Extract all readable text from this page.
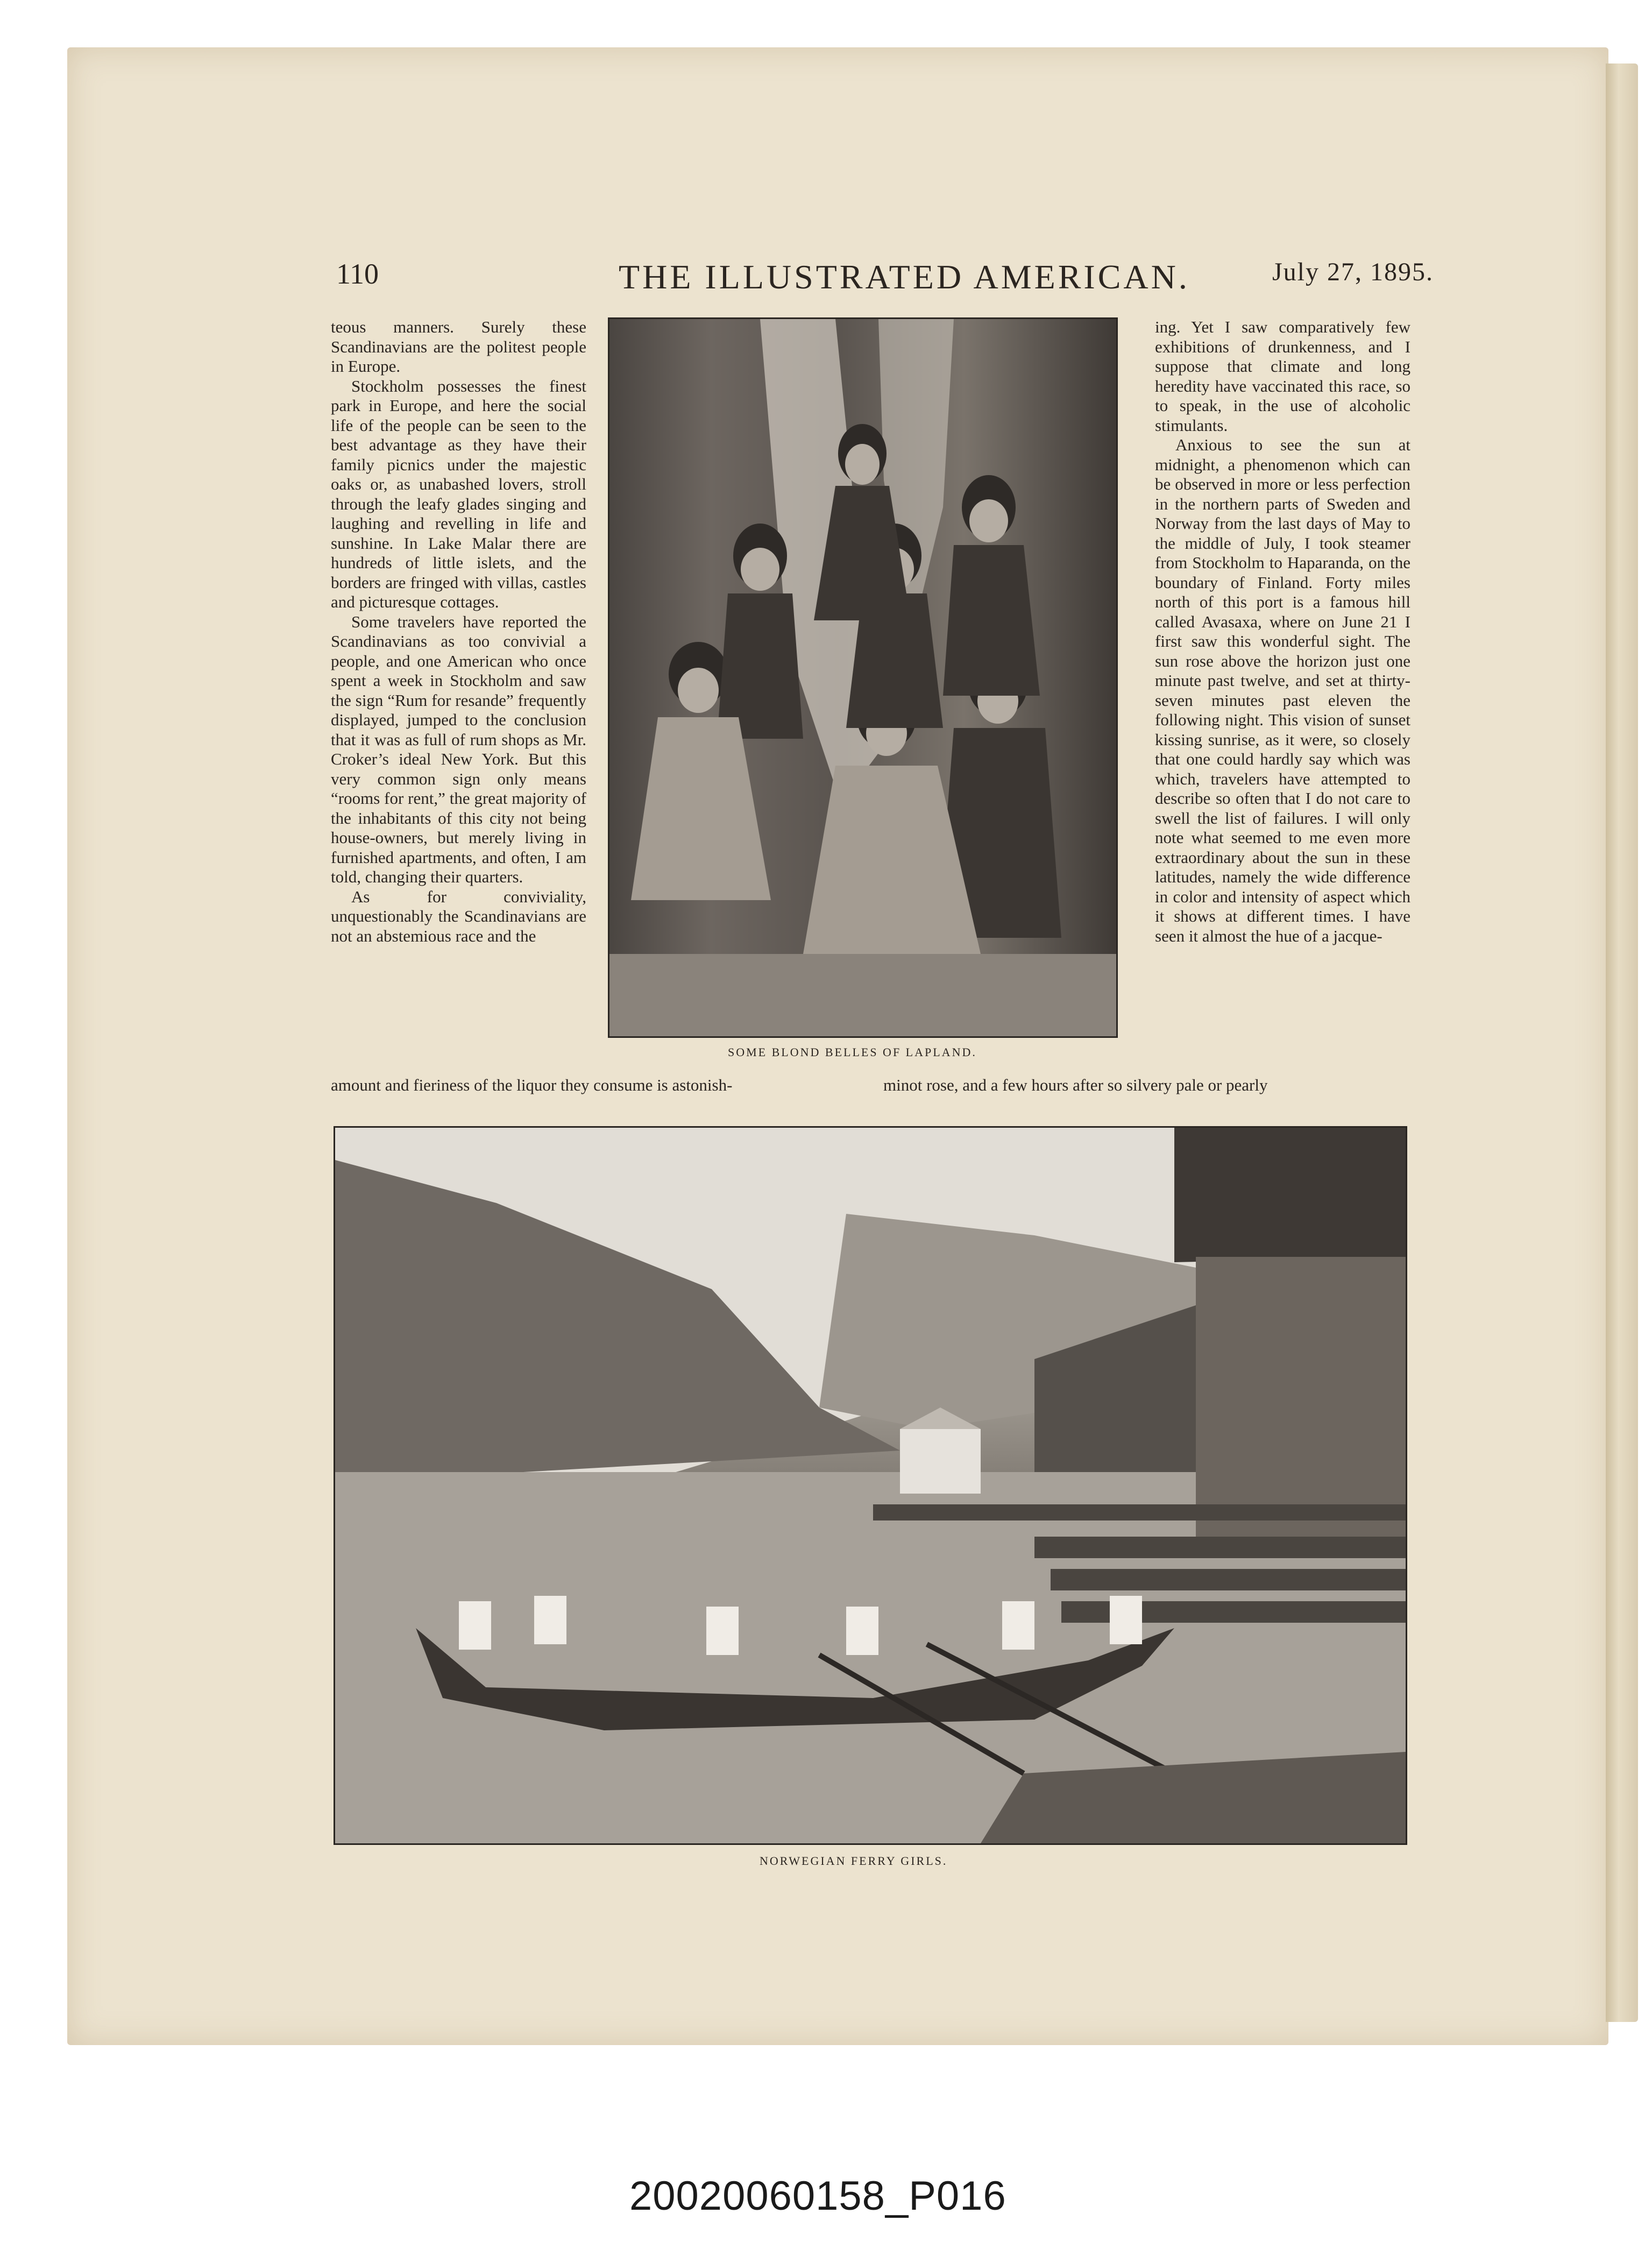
110	THE ILLUSTRATED AMERICAN.	July 27, 1895.

teous manners. Surely these Scandinavians are the politest people in Europe.

Stockholm possesses the finest park in Europe, and here the social life of the people can be seen to the best advantage as they have their family picnics under the majestic oaks or, as unabashed lovers, stroll through the leafy glades singing and laughing and revelling in life and sunshine. In Lake Malar there are hundreds of little islets, and the borders are fringed with villas, castles and picturesque cottages.

Some travelers have reported the Scandinavians as too convivial a people, and one American who once spent a week in Stockholm and saw the sign “Rum for resande” frequently displayed, jumped to the conclusion that it was as full of rum shops as Mr. Croker’s ideal New York. But this very common sign only means “rooms for rent,” the great majority of the inhabitants of this city not being house-owners, but merely living in furnished apartments, and often, I am told, changing their quarters.

As for conviviality, unquestionably the Scandinavians are not an abstemious race and the

ing. Yet I saw comparatively few exhibitions of drunkenness, and I suppose that climate and long heredity have vaccinated this race, so to speak, in the use of alcoholic stimulants.

Anxious to see the sun at midnight, a phenomenon which can be observed in more or less perfection in the northern parts of Sweden and Norway from the last days of May to the middle of July, I took steamer from Stockholm to Haparanda, on the boundary of Finland. Forty miles north of this port is a famous hill called Avasaxa, where on June 21 I first saw this wonderful sight. The sun rose above the horizon just one minute past twelve, and set at thirty-seven minutes past eleven the following night. This vision of sunset kissing sunrise, as it were, so closely that one could hardly say which was which, travelers have attempted to describe so often that I do not care to swell the list of failures. I will only note what seemed to me even more extraordinary about the sun in these latitudes, namely the wide difference in color and intensity of aspect which it shows at different times. I have seen it almost the hue of a jacque-

SOME BLOND BELLES OF LAPLAND.
amount and fieriness of the liquor they consume is astonish-	minot rose, and a few hours after so silvery pale or pearly
NORWEGIAN FERRY GIRLS.
20020060158_P016
